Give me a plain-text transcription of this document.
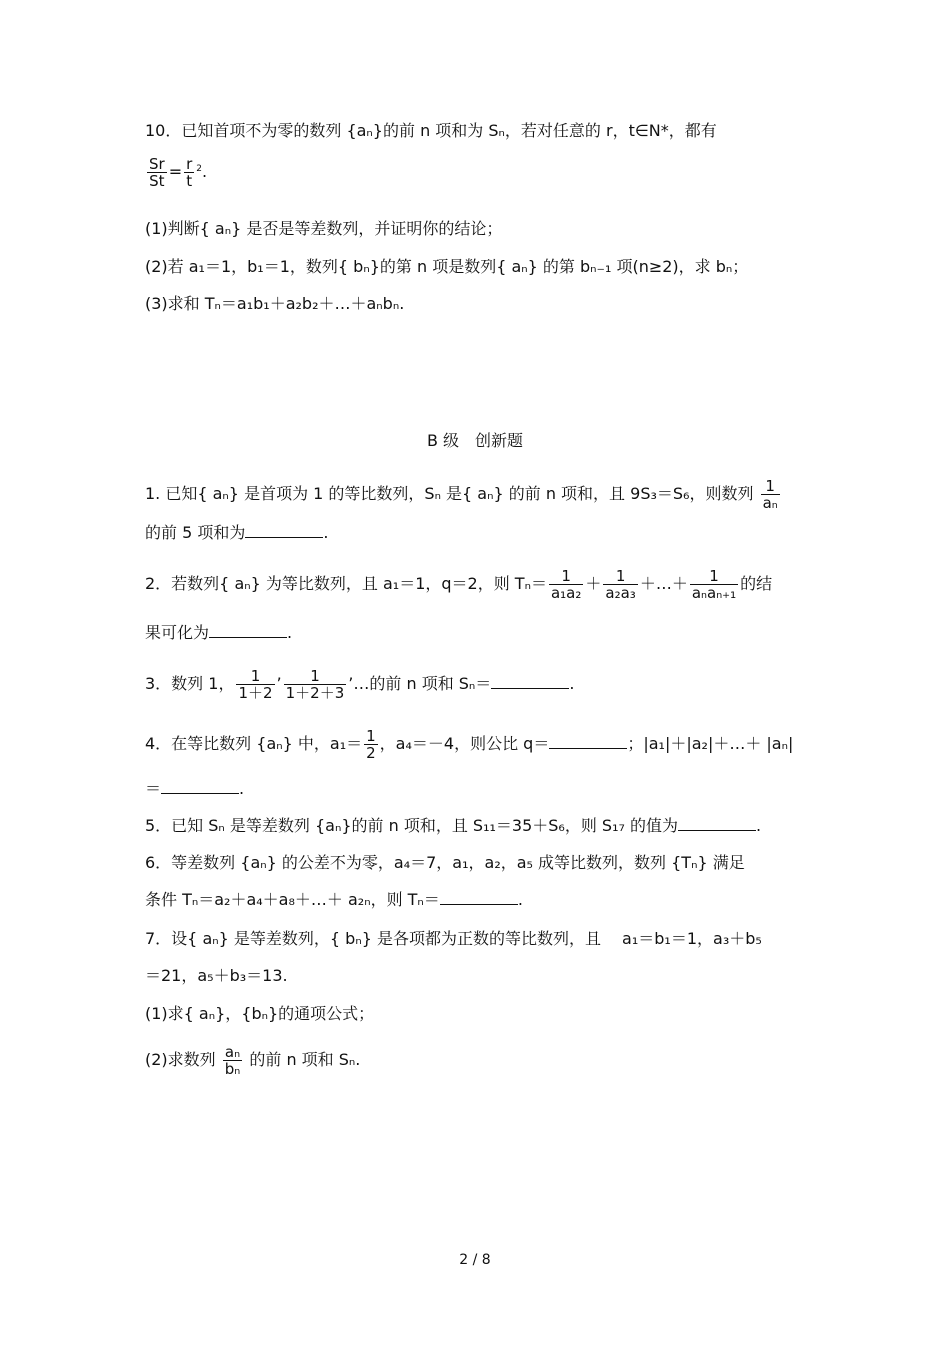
10．已知首项不为零的数列 {aₙ}的前 n 项和为 Sₙ，若对任意的 r，t∈N*，都有
$\frac{Sr}{St} = \frac{r}{t} ^2$.
(1)判断{ aₙ} 是否是等差数列，并证明你的结论；
(2)若 a₁＝1，b₁＝1，数列{ bₙ}的第 n 项是数列{ aₙ} 的第 bₙ₋₁ 项(n≥2)，求 bₙ；
(3)求和 Tₙ＝a₁b₁＋a₂b₂＋…＋aₙbₙ.
B 级　创新题
1. 已知{ aₙ} 是首项为 1 的等比数列，Sₙ 是{ aₙ} 的前 n 项和，且 9S₃＝S₆，则数列 $\frac{1}{\text{aₙ}}$
的前 5 项和为	.
2．若数列{ aₙ} 为等比数列，且 a₁＝1，q＝2，则 $T_n= \frac{1}{\text{a₁a₂}} + \frac{1}{\text{a₂a₃}}$ ＋…＋ $\frac{1}{\text{aₙaₙ₊₁}}$ 的结
果可化为	.
3．数列 1， $\frac{1}{1+2}$ ’ $\frac{1}{1+2+3}$ ’…的前 n 项和 Sₙ＝	.
4．在等比数列 {aₙ} 中，$a_1= \frac{1}{2}$ ，a₄＝－4，则公比 q＝	；|a₁|＋|a₂|＋…＋ |aₙ|
＝	.
5．已知 Sₙ 是等差数列 {aₙ}的前 n 项和，且 S₁₁＝35＋S₆，则 S₁₇ 的值为	.
6．等差数列 {aₙ} 的公差不为零，a₄＝7，a₁，a₂，a₅ 成等比数列，数列 {Tₙ} 满足
条件 Tₙ＝a₂＋a₄＋a₈＋…＋ a₂ₙ，则 Tₙ＝	.
7．设{ aₙ} 是等差数列，{ bₙ} 是各项都为正数的等比数列，且　 a₁＝b₁＝1，a₃＋b₅
＝21，a₅＋b₃＝13.
(1)求{ aₙ}，{bₙ}的通项公式；
(2)求数列 $\frac{\text{aₙ}}{\text{bₙ}}$ 的前 n 项和 Sₙ.
2 / 8
